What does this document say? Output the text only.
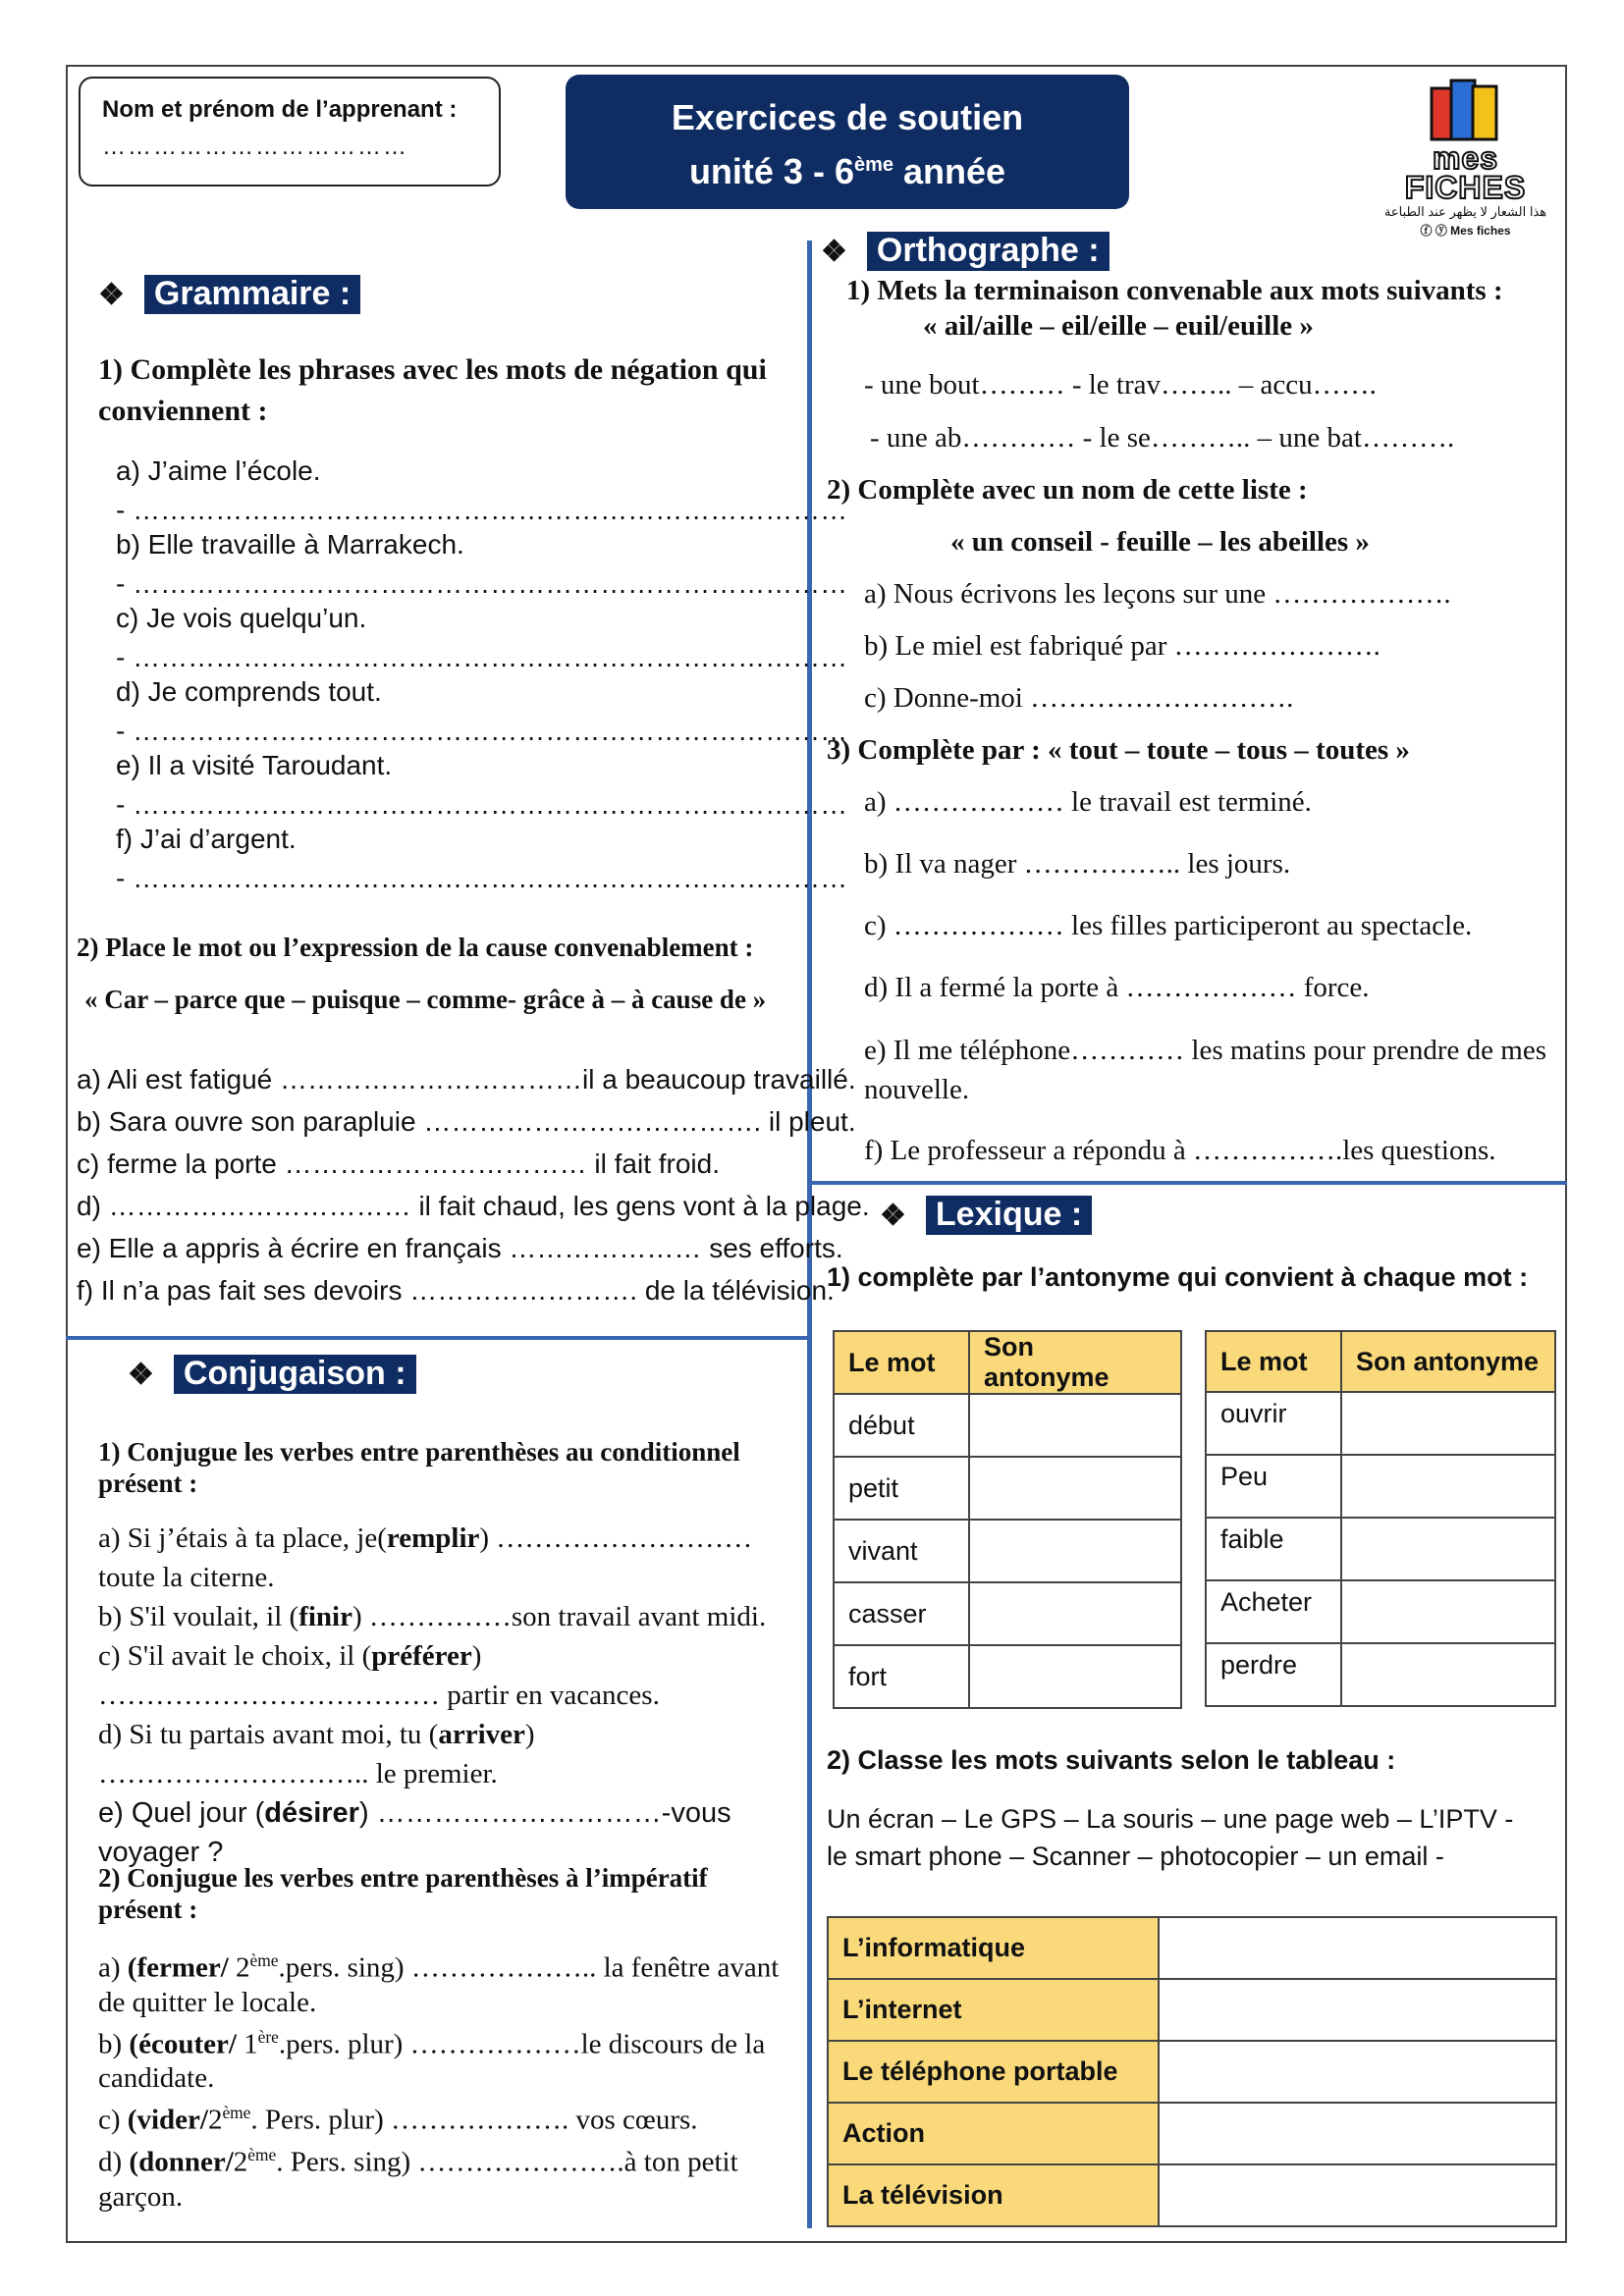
Nom et prénom de l’apprenant :
………………………………
Exercices de soutien
unité 3 - 6ème année	mes
FICHES
هذا الشعار لا يظهر عند الطباعة
ⓕ ⓨ Mes fiches
❖ Grammaire :
1) Complète les phrases avec les mots de négation qui conviennent :
a) J’aime l’école.
- ……………………………………………………………………
b) Elle travaille à Marrakech.
- ……………………………………………………………………
c) Je vois quelqu’un.
- ……………………………………………………………………
d) Je comprends tout.
- ……………………………………………………………………
e) Il a visité Taroudant.
- ……………………………………………………………………
f) J’ai d’argent.
- ……………………………………………………………………
2) Place le mot ou l’expression de la cause convenablement :
« Car – parce que – puisque – comme- grâce à – à cause de »
a) Ali est fatigué ……………………………il a beaucoup travaillé.
b) Sara ouvre son parapluie ………………………………. il pleut.
c) ferme la porte …………………………… il fait froid.
d) …………………………… il fait chaud, les gens vont à la plage.
e) Elle a appris à écrire en français ………………… ses efforts.
f) Il n’a pas fait ses devoirs ……………………. de la télévision.
❖ Conjugaison :
1) Conjugue les verbes entre parenthèses au conditionnel présent :
a) Si j’étais à ta place, je(remplir) ……………………… toute la citerne.
b) S'il voulait, il (finir) ……………son travail avant midi.
c) S'il avait le choix, il (préférer) ……………………………… partir en vacances.
d) Si tu partais avant moi, tu (arriver) ……………………….. le premier.
e) Quel jour (désirer) …………………………-vous voyager ?
2) Conjugue les verbes entre parenthèses à l’impératif présent :
a) (fermer/ 2ème.pers. sing) ……………….. la fenêtre avant de quitter le locale.
b) (écouter/ 1ère.pers. plur) ………………le discours de la candidate.
c) (vider/2ème. Pers. plur) ………………. vos cœurs.
d) (donner/2ème. Pers. sing) ………………….à ton petit garçon.
❖ Orthographe :
1) Mets la terminaison convenable aux mots suivants :
« ail/aille – eil/eille – euil/euille »
- une bout……… - le trav…….. – accu…….
- une ab………… - le se……….. – une bat……….
2) Complète avec un nom de cette liste :
« un conseil - feuille – les abeilles »
a) Nous écrivons les leçons sur une ……………….
b) Le miel est fabriqué par ………………….
c) Donne-moi ……………………….
3) Complète par : « tout – toute – tous – toutes »
a) ……………… le travail est terminé.
b) Il va nager …………….. les jours.
c) ……………… les filles participeront au spectacle.
d) Il a fermé la porte à ……………… force.
e) Il me téléphone………… les matins pour prendre de mes nouvelle.
f) Le professeur a répondu à …………….les questions.
❖ Lexique :
1) complète par l’antonyme qui convient à chaque mot :
Le mot	Son antonyme
début	
petit	
vivant	
casser	
fort	
Le mot	Son antonyme
ouvrir	
Peu	
faible	
Acheter	
perdre	
2) Classe les mots suivants selon le tableau :
Un écran – Le GPS – La souris – une page web – L’IPTV -
le smart phone – Scanner – photocopier – un email -
L’informatique	
L’internet	
Le téléphone portable	
Action	
La télévision	
